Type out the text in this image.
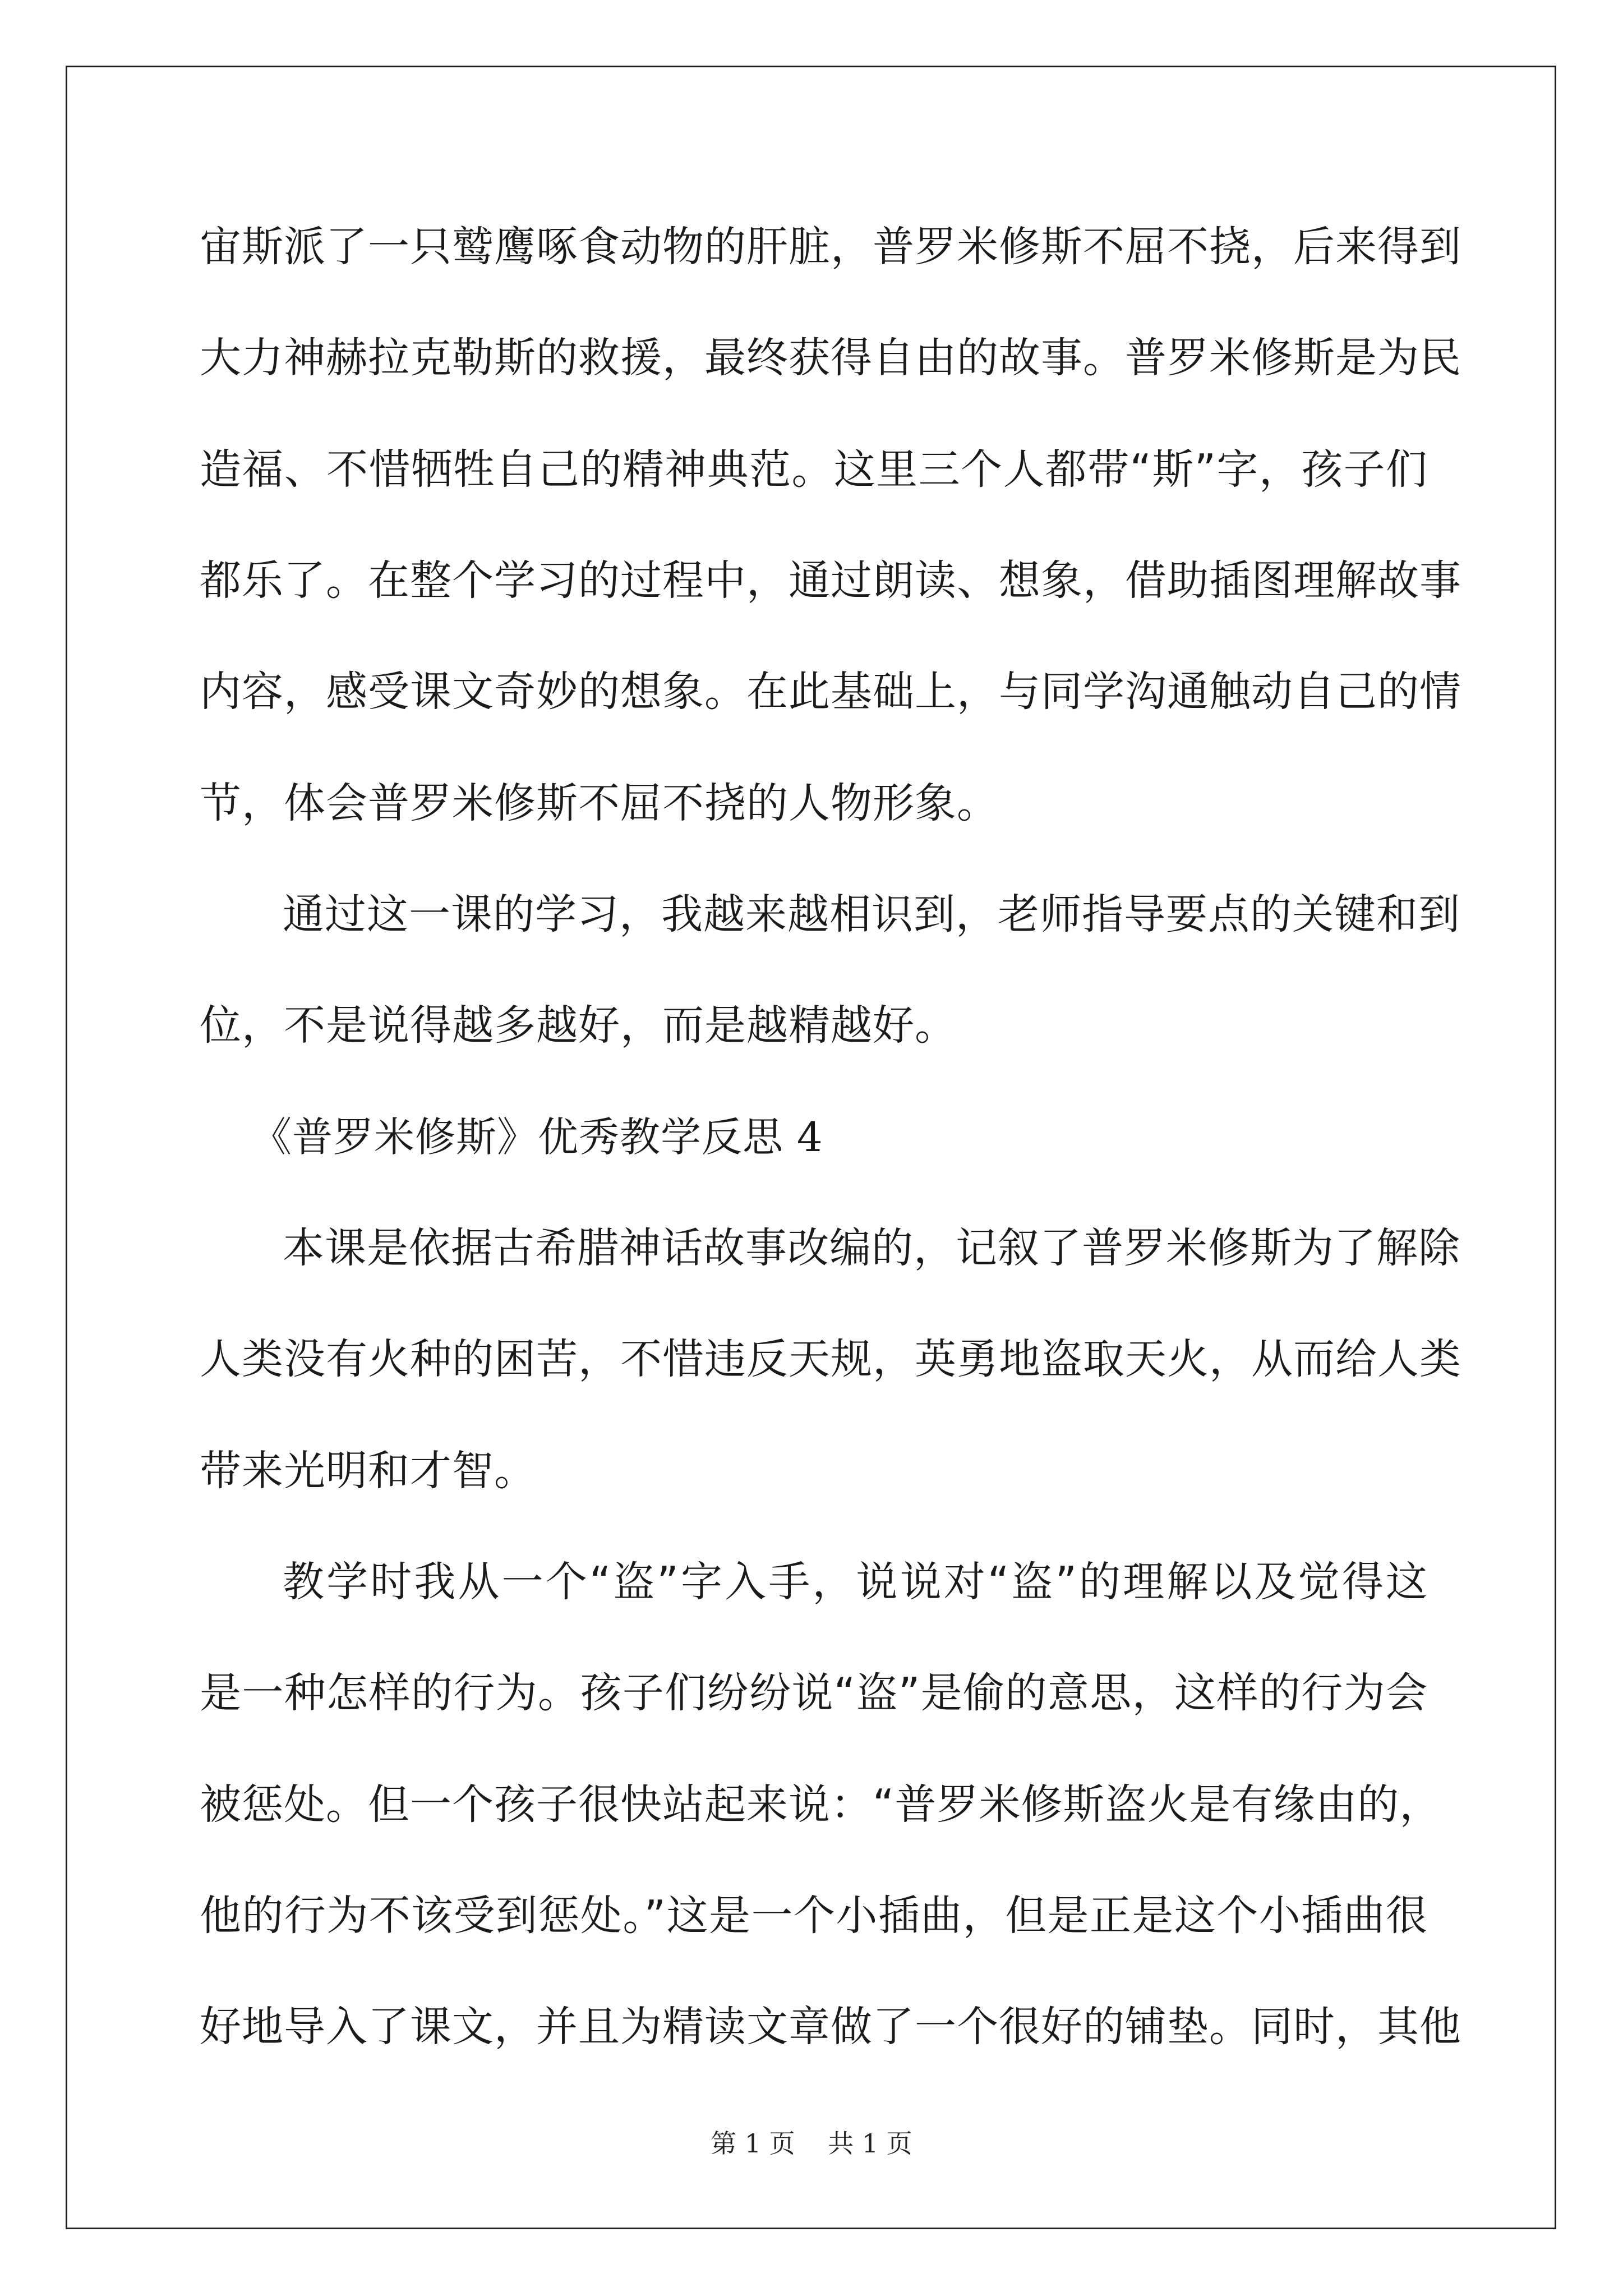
宙斯派了一只鹫鹰啄食动物的肝脏，普罗米修斯不屈不挠，后来得到
大力神赫拉克勒斯的救援，最终获得自由的故事。普罗米修斯是为民
造福、不惜牺牲自己的精神典范。这里三个人都带“斯”字，孩子们
都乐了。在整个学习的过程中，通过朗读、想象，借助插图理解故事
内容，感受课文奇妙的想象。在此基础上，与同学沟通触动自己的情
节，体会普罗米修斯不屈不挠的人物形象。
通过这一课的学习，我越来越相识到，老师指导要点的关键和到
位，不是说得越多越好，而是越精越好。
《普罗米修斯》优秀教学反思 4
本课是依据古希腊神话故事改编的，记叙了普罗米修斯为了解除
人类没有火种的困苦，不惜违反天规，英勇地盗取天火，从而给人类
带来光明和才智。
教学时我从一个“盗”字入手，说说对“盗”的理解以及觉得这
是一种怎样的行为。孩子们纷纷说“盗”是偷的意思，这样的行为会
被惩处。但一个孩子很快站起来说：“普罗米修斯盗火是有缘由的，
他的行为不该受到惩处。”这是一个小插曲，但是正是这个小插曲很
好地导入了课文，并且为精读文章做了一个很好的铺垫。同时，其他
第 1 页    共 1 页
